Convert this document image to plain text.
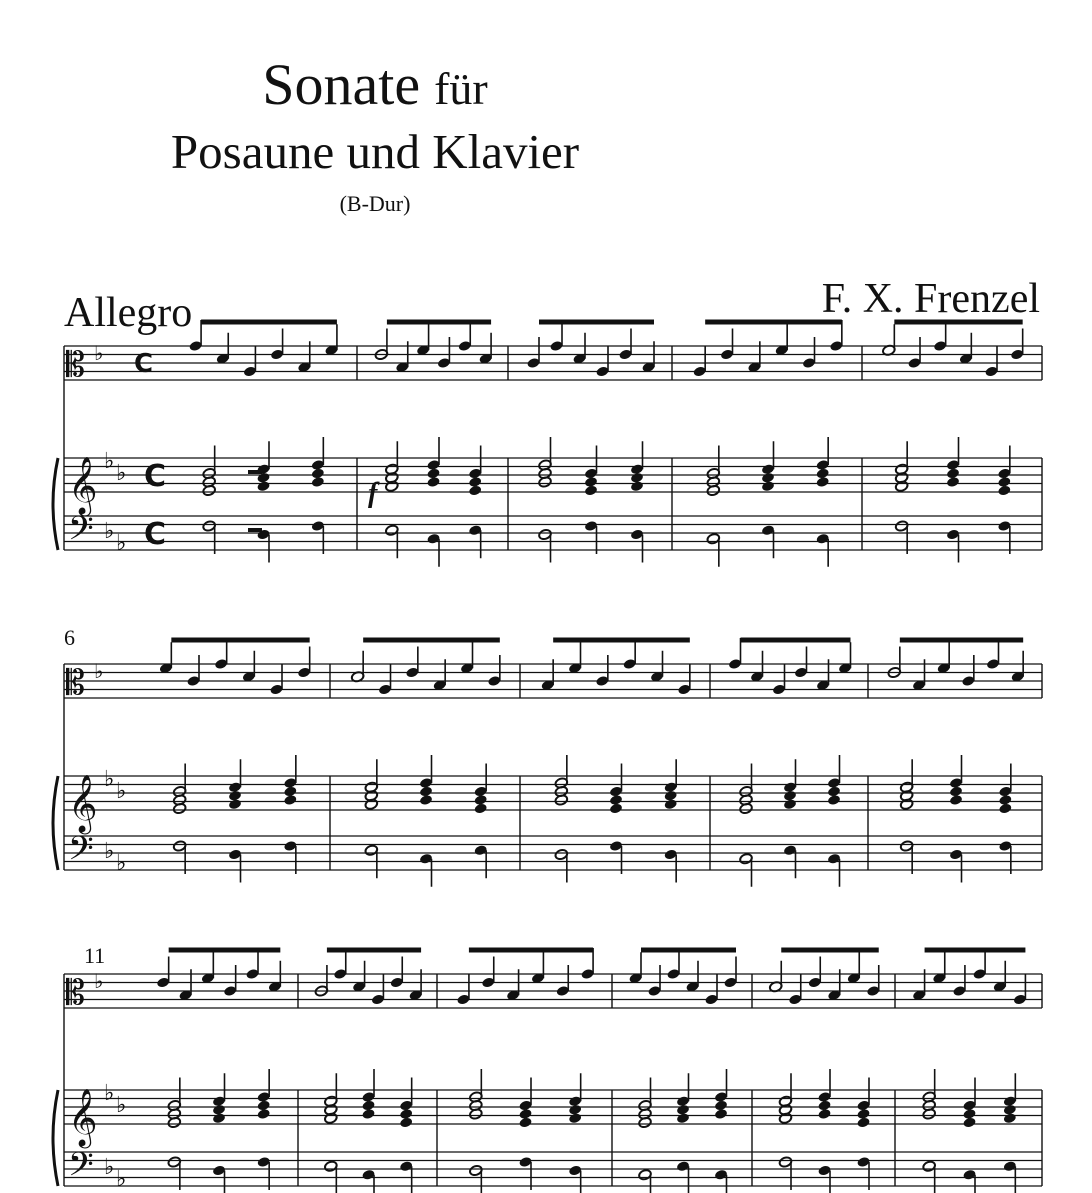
Sonate für
Posaune und Klavier
(B-Dur)
Allegro	F. X. Frenzel
6
11
𝄡
𝄞
𝄢
♭
♭ ♭
♭ ♭
C
C
C
f
𝄡
𝄞
𝄢
♭
♭ ♭
♭ ♭
𝄡
𝄞
𝄢
♭
♭ ♭
♭ ♭
